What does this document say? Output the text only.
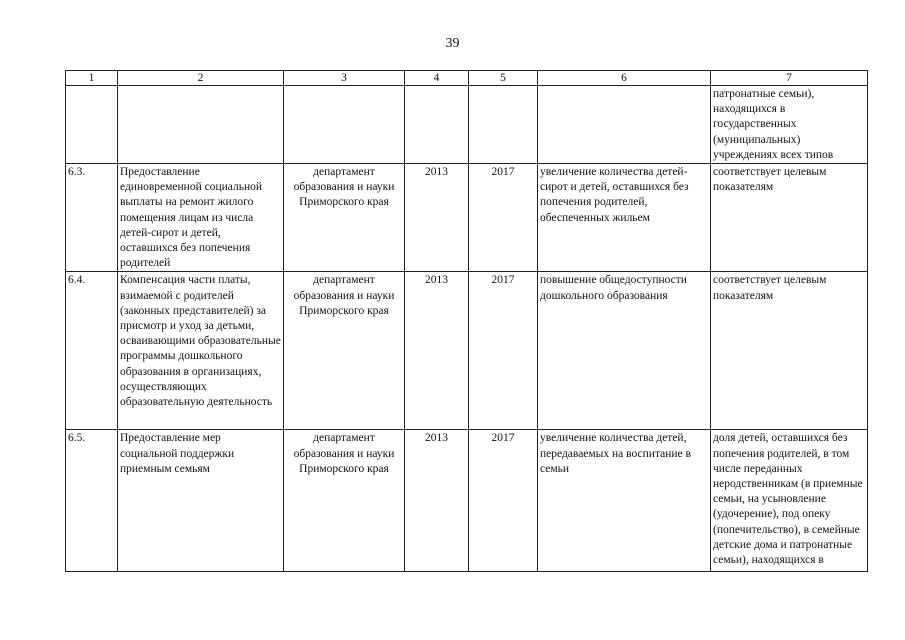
39
1	2	3	4	5	6	7
						патронатные семьи), находящихся в государственных (муниципальных) учреждениях всех типов
6.3.	Предоставление единовременной социальной выплаты на ремонт жилого помещения лицам из числа детей-сирот и детей, оставшихся без попечения родителей	департамент образования и науки Приморского края	2013	2017	увеличение количества детей-сирот и детей, оставшихся без попечения родителей, обеспеченных жильем	соответствует целевым показателям
6.4.	Компенсация части платы, взимаемой с родителей (законных представителей) за присмотр и уход за детьми, осваивающими образовательные программы дошкольного образования в организациях, осуществляющих образовательную деятельность	департамент образования и науки Приморского края	2013	2017	повышение общедоступности дошкольного образования	соответствует целевым показателям
6.5.	Предоставление мер социальной поддержки приемным семьям	департамент образования и науки Приморского края	2013	2017	увеличение количества детей, передаваемых на воспитание в семьи	доля детей, оставшихся без попечения родителей, в том числе переданных неродственникам (в приемные семьи, на усыновление (удочерение), под опеку (попечительство), в семейные детские дома и патронатные семьи), находящихся в
